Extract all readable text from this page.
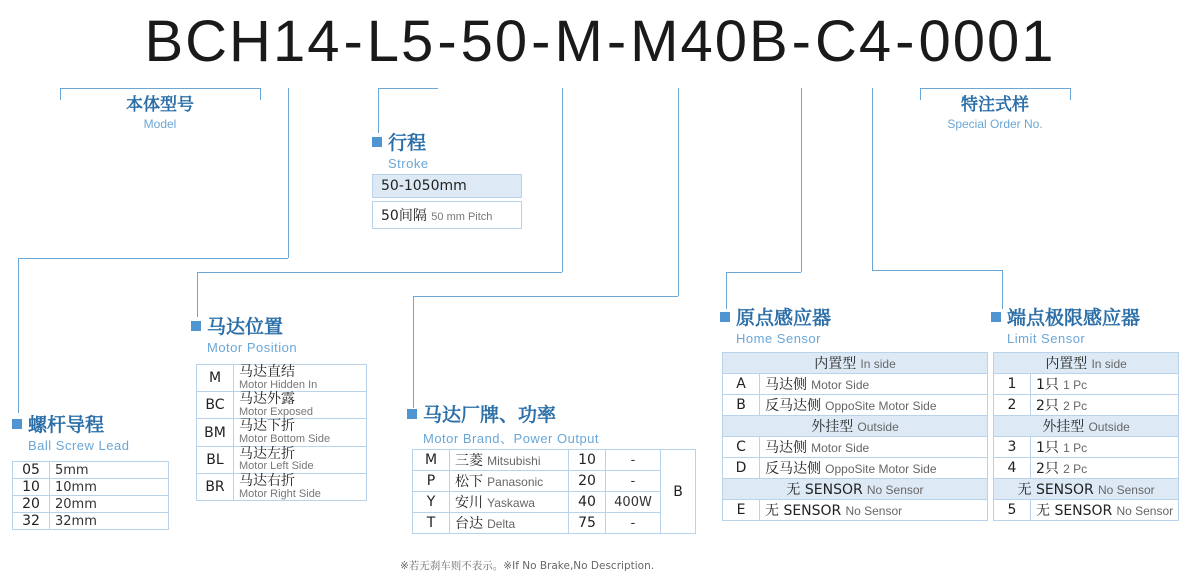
BCH14-L5-50-M-M40B-C4-0001
本体型号
Model
特注式样
Special Order No.
行程
Stroke
50-1050mm
50间隔 50 mm Pitch
螺杆导程
Ball Screw Lead
05	5mm
10	10mm
20	20mm
32	32mm
马达位置
Motor Position
M	马达直结
Motor Hidden In

BC	马达外露
Motor Exposed

BM	马达下折
Motor Bottom Side

BL	马达左折
Motor Left Side

BR	马达右折
Motor Right Side
马达厂牌、功率
Motor Brand、Power Output
M	三菱 Mitsubishi	10	-	B
P	松下 Panasonic	20	-	
Y	安川 Yaskawa	40	400W	
T	台达 Delta	75	-	
※若无刹车则不表示。※If No Brake,No Description.
原点感应器
Home Sensor
内置型 In side	
A	马达侧 Motor Side
B	反马达侧 OppoSite Motor Side
外挂型 Outside	
C	马达侧 Motor Side
D	反马达侧 OppoSite Motor Side
无 SENSOR No Sensor	
E	无 SENSOR No Sensor
端点极限感应器
Limit Sensor
内置型 In side	
1	1只 1 Pc
2	2只 2 Pc
外挂型 Outside	
3	1只 1 Pc
4	2只 2 Pc
无 SENSOR No Sensor	
5	无 SENSOR No Sensor
